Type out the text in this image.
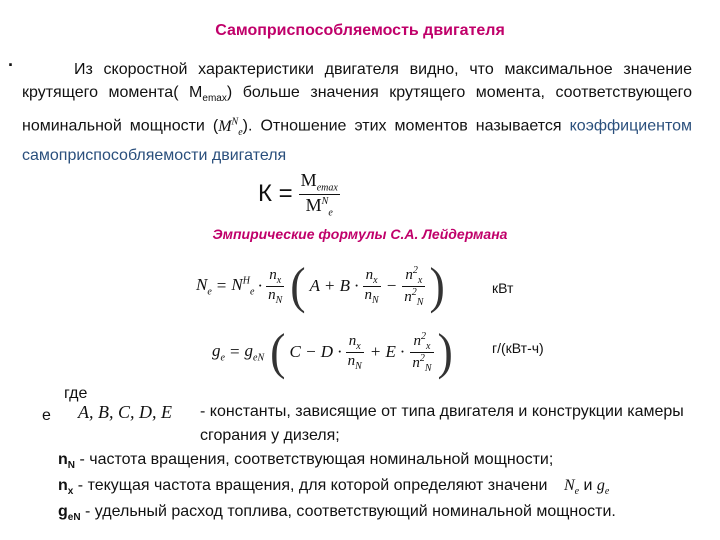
Самоприспособляемость двигателя
.	Из скоростной характеристики двигателя видно, что максимальное значение крутящего момента( $M_{emax}$) больше значения крутящего момента, соответствующего номинальной мощности $(M^N_e)$. Отношение этих моментов называется коэффициентом самоприспособляемости двигателя
$К = \frac{M_{emax}}{M^N_e}$
Эмпирические формулы С.А. Лейдермана
$N_e = N^H_e \cdot \frac{n_x}{n_N}$ ( $A + B \cdot \frac{n_x}{n_N} - \frac{n^2_x}{n^2_N}$ )	кВт
$g_e = g_{eN}$ ( $C - D \cdot \frac{n_x}{n_N} + E \cdot \frac{n^2_x}{n^2_N}$ )	г/(кВт-ч)
где
е A, B, C, D, E - константы, зависящие от типа двигателя и конструкции камеры сгорания у дизеля;
$n_N$ - частота вращения, соответствующая номинальной мощности;
$n_x$ - текущая частота вращения, для которой определяют значени $N_e$ и $g_e$
$g_{eN}$ - удельный расход топлива, соответствующий номинальной мощности.
